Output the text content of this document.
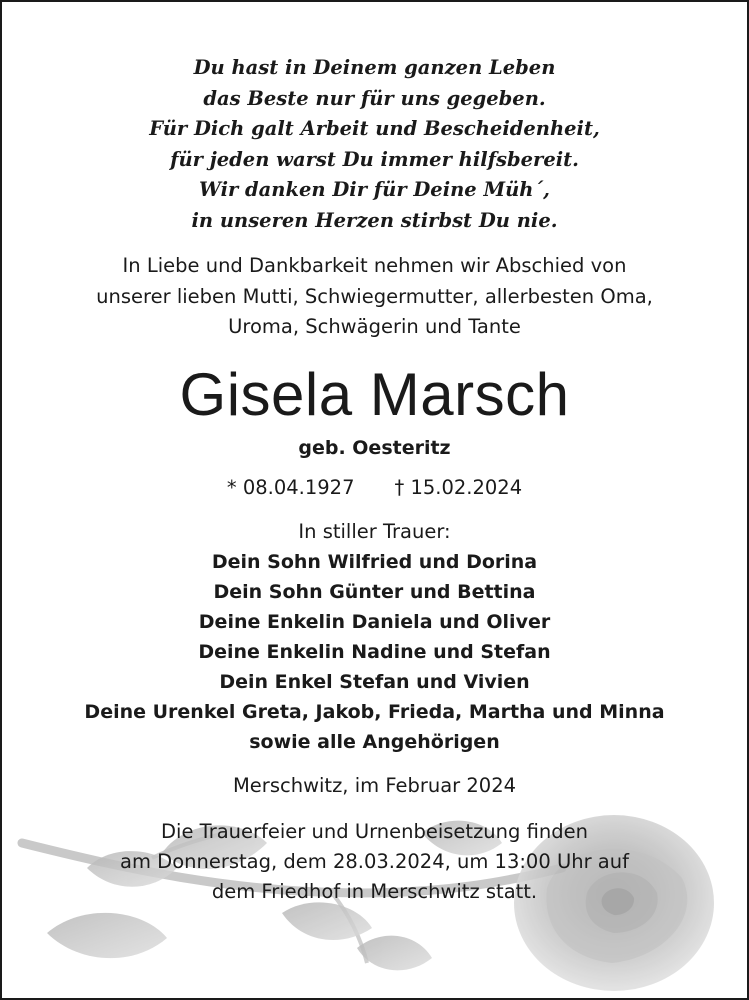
Du hast in Deinem ganzen Leben
das Beste nur für uns gegeben.
Für Dich galt Arbeit und Bescheidenheit,
für jeden warst Du immer hilfsbereit.
Wir danken Dir für Deine Müh´,
in unseren Herzen stirbst Du nie.
In Liebe und Dankbarkeit nehmen wir Abschied von
unserer lieben Mutti, Schwiegermutter, allerbesten Oma,
Uroma, Schwägerin und Tante
Gisela Marsch
geb. Oesteritz
* 08.04.1927 † 15.02.2024
In stiller Trauer:
Dein Sohn Wilfried und Dorina
Dein Sohn Günter und Bettina
Deine Enkelin Daniela und Oliver
Deine Enkelin Nadine und Stefan
Dein Enkel Stefan und Vivien
Deine Urenkel Greta, Jakob, Frieda, Martha und Minna
sowie alle Angehörigen
Merschwitz, im Februar 2024
Die Trauerfeier und Urnenbeisetzung finden
am Donnerstag, dem 28.03.2024, um 13:00 Uhr auf
dem Friedhof in Merschwitz statt.
